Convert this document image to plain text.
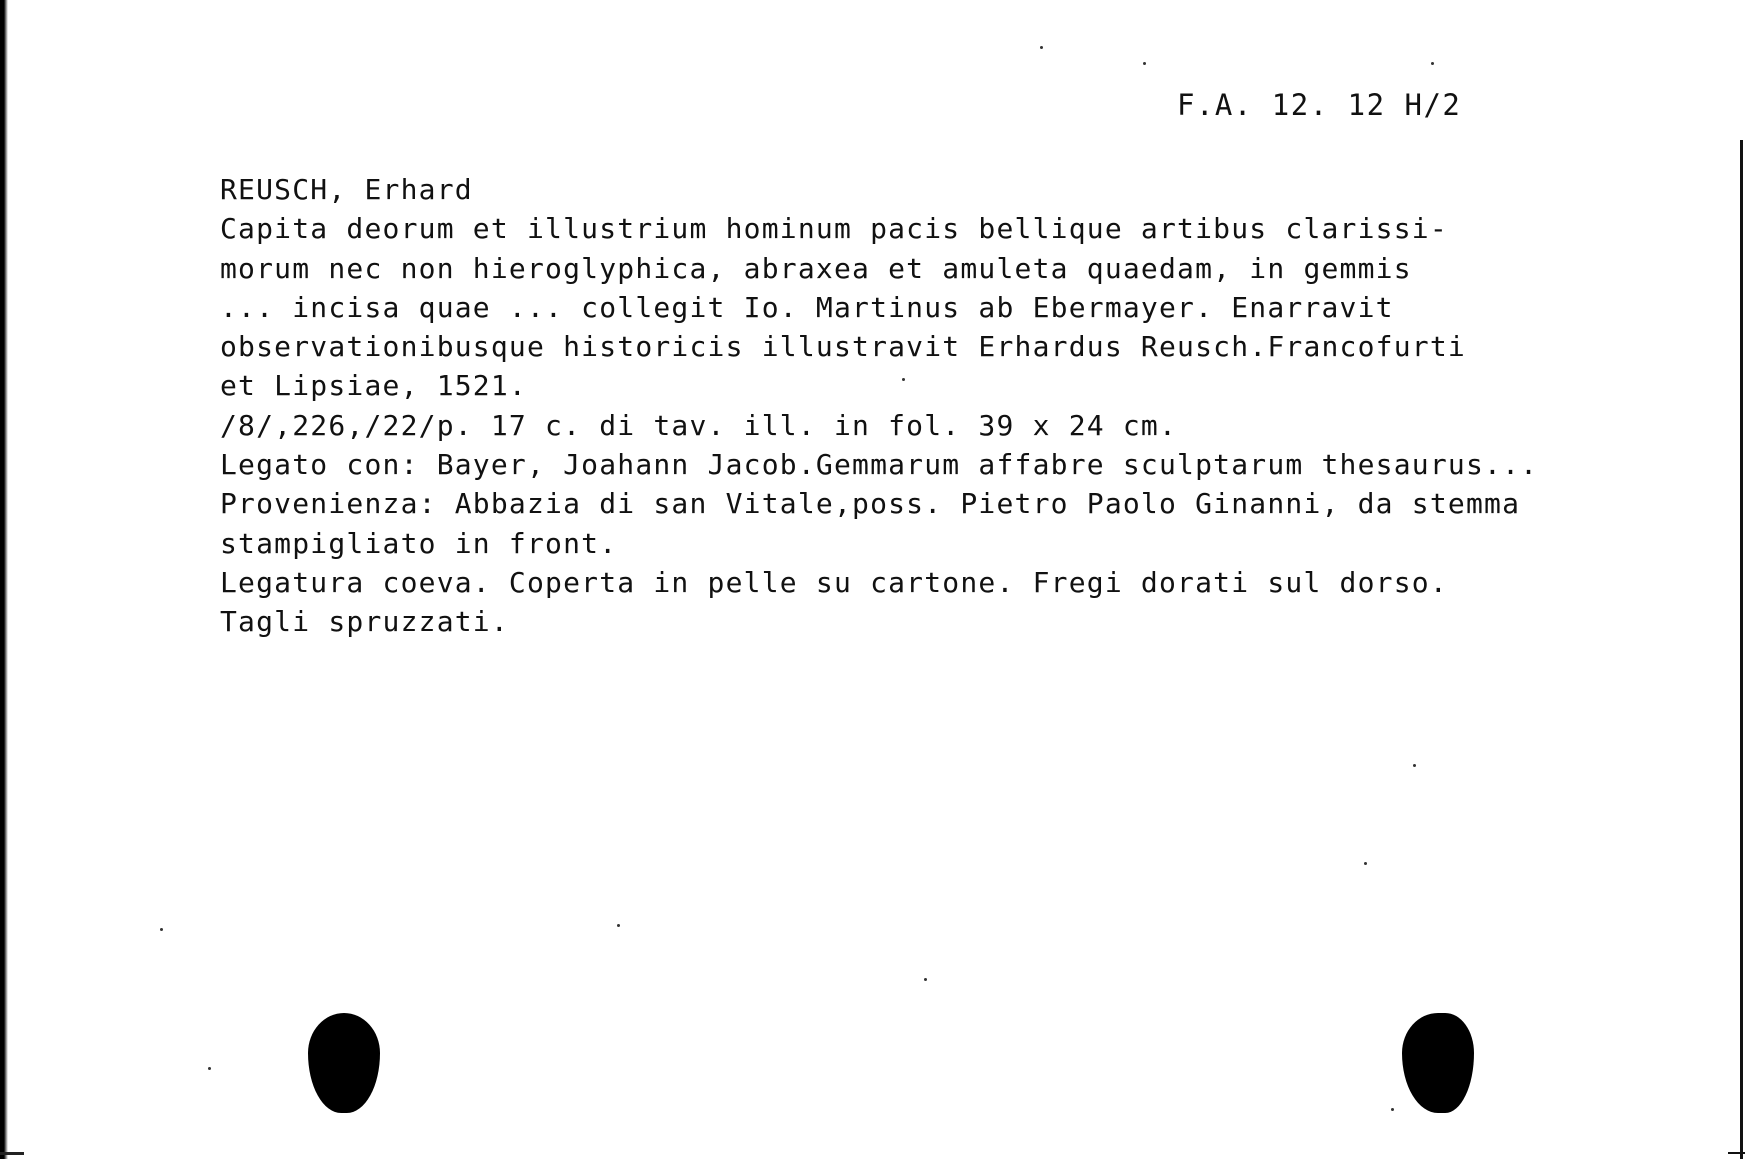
F.A. 12. 12 H/2
REUSCH, Erhard
Capita deorum et illustrium hominum pacis bellique artibus clarissi-
morum nec non hieroglyphica, abraxea et amuleta quaedam, in gemmis
... incisa quae ... collegit Io. Martinus ab Ebermayer. Enarravit
observationibusque historicis illustravit Erhardus Reusch.Francofurti
et Lipsiae, 1521.
/8/,226,/22/p. 17 c. di tav. ill. in fol. 39 x 24 cm.
Legato con: Bayer, Joahann Jacob.Gemmarum affabre sculptarum thesaurus...
Provenienza: Abbazia di san Vitale,poss. Pietro Paolo Ginanni, da stemma
stampigliato in front.
Legatura coeva. Coperta in pelle su cartone. Fregi dorati sul dorso.
Tagli spruzzati.
